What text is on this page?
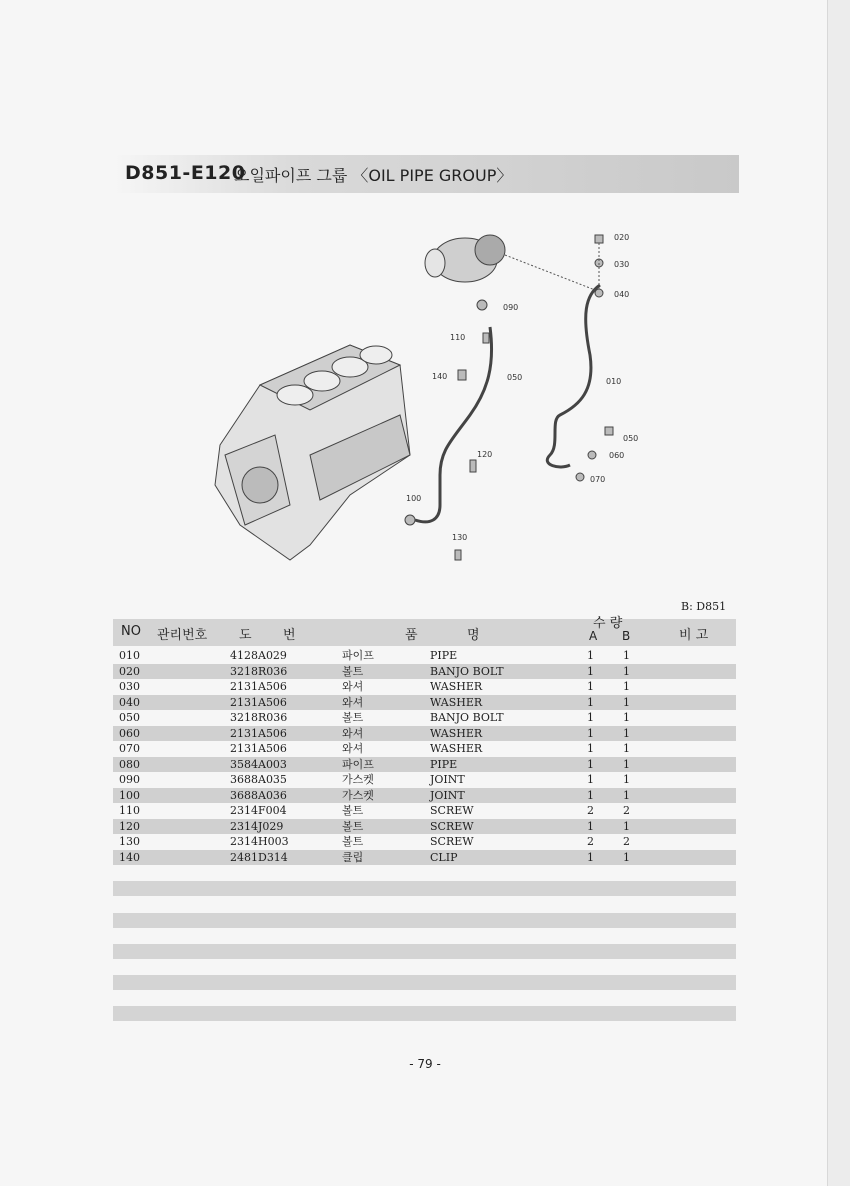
D851-E120
오일파이프 그룹 〈OIL PIPE GROUP〉
020
030
040
090
110
050
140
010
120
050
060
070
100
130
B: D851
NO 관리번호 도 번	품	명
수 량
A B	비 고
010	4128A029	파이프	PIPE	1	1
020	3218R036	볼트	BANJO BOLT	1	1
030	2131A506	와셔	WASHER	1	1
040	2131A506	와셔	WASHER	1	1
050	3218R036	볼트	BANJO BOLT	1	1
060	2131A506	와셔	WASHER	1	1
070	2131A506	와셔	WASHER	1	1
080	3584A003	파이프	PIPE	1	1
090	3688A035	가스켓	JOINT	1	1
100	3688A036	가스켓	JOINT	1	1
110	2314F004	볼트	SCREW	2	2
120	2314J029	볼트	SCREW	1	1
130	2314H003	볼트	SCREW	2	2
140	2481D314	클립	CLIP	1	1
- 79 -
